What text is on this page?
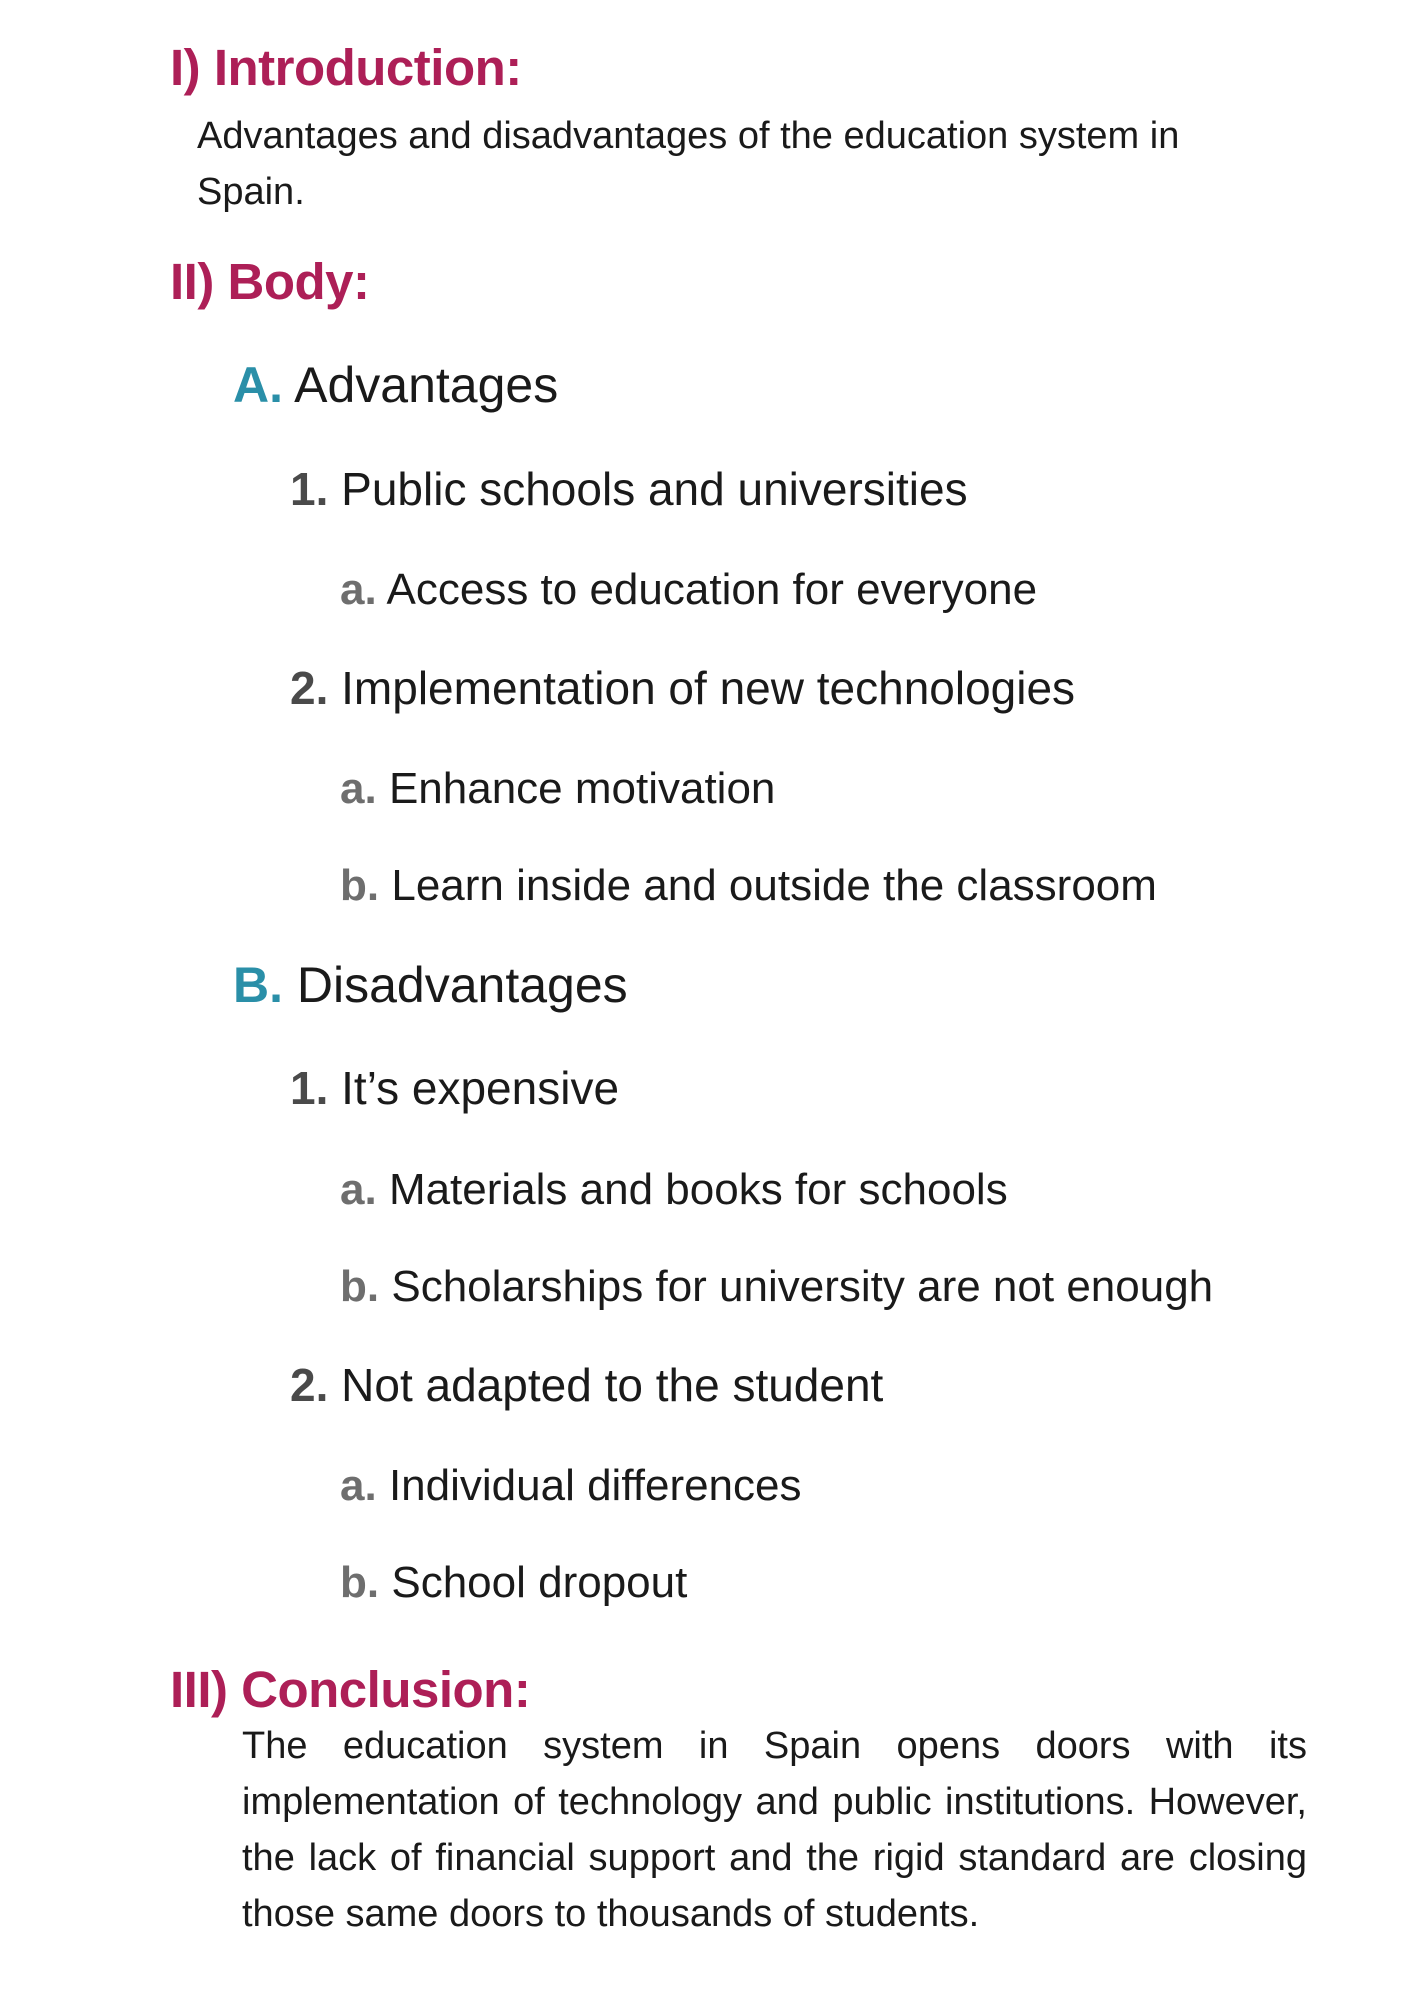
I) Introduction:

Advantages and disadvantages of the education system in Spain.

II) Body:
A. Advantages
1. Public schools and universities
a. Access to education for everyone
2. Implementation of new technologies
a. Enhance motivation
b. Learn inside and outside the classroom
B. Disadvantages
1. It’s expensive
a. Materials and books for schools
b. Scholarships for university are not enough
2. Not adapted to the student
a. Individual differences
b. School dropout
III) Conclusion:

The education system in Spain opens doors with its implementation of technology and public institutions. However, the lack of financial support and the rigid standard are closing those same doors to thousands of students.
